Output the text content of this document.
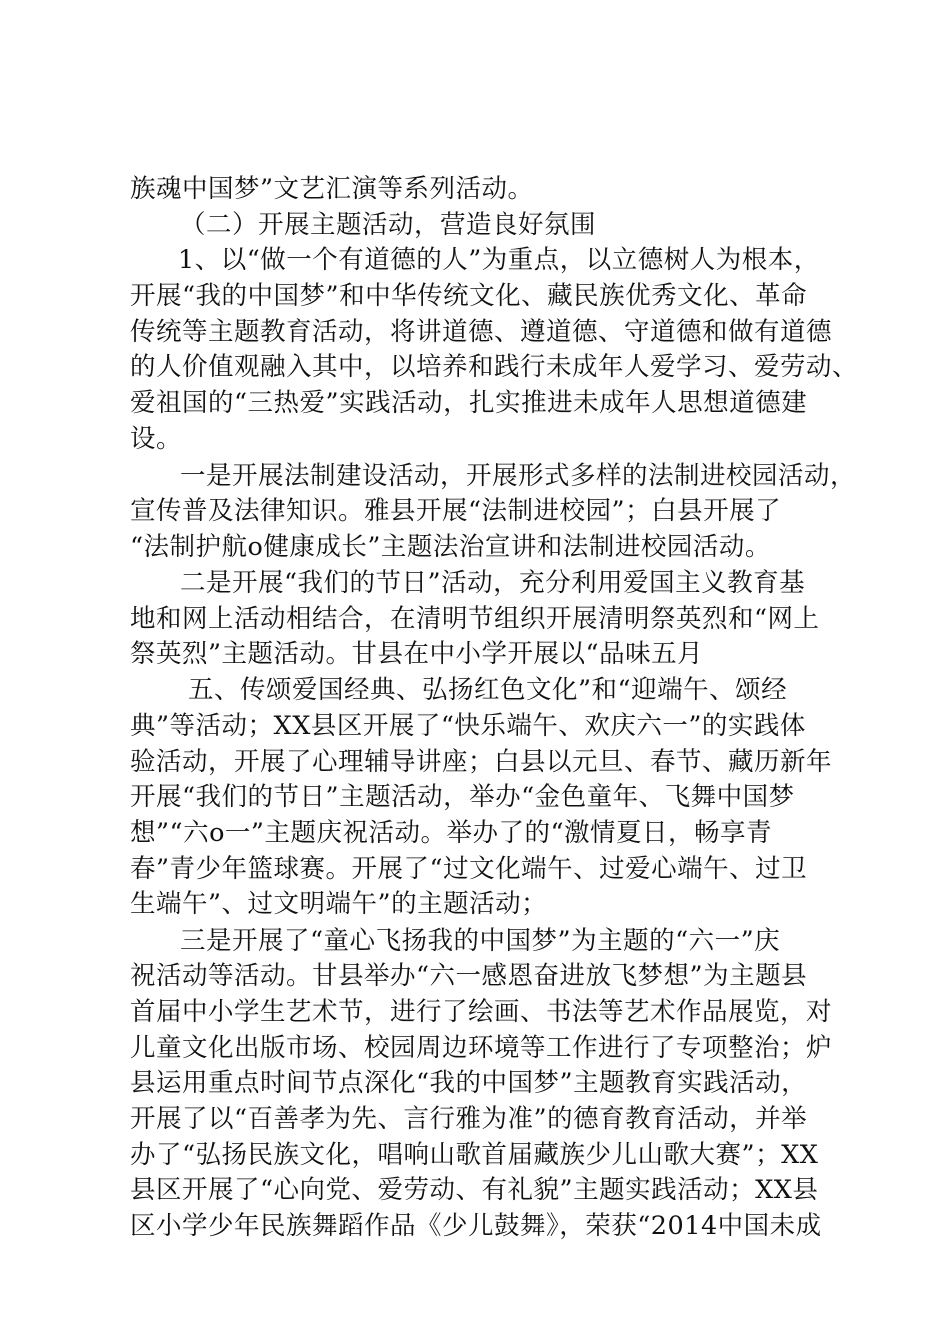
族魂中国梦”文艺汇演等系列活动。
（二）开展主题活动，营造良好氛围
1、以“做一个有道德的人”为重点，以立德树人为根本，
开展“我的中国梦”和中华传统文化、藏民族优秀文化、革命
传统等主题教育活动，将讲道德、遵道德、守道德和做有道德
的人价值观融入其中，以培养和践行未成年人爱学习、爱劳动、
爱祖国的“三热爱”实践活动，扎实推进未成年人思想道德建
设。
一是开展法制建设活动，开展形式多样的法制进校园活动，
宣传普及法律知识。雅县开展“法制进校园”；白县开展了
“法制护航o健康成长”主题法治宣讲和法制进校园活动。
二是开展“我们的节日”活动，充分利用爱国主义教育基
地和网上活动相结合，在清明节组织开展清明祭英烈和“网上
祭英烈”主题活动。甘县在中小学开展以“品味五月
五、传颂爱国经典、弘扬红色文化”和“迎端午、颂经
典”等活动；XX县区开展了“快乐端午、欢庆六一”的实践体
验活动，开展了心理辅导讲座；白县以元旦、春节、藏历新年
开展“我们的节日”主题活动，举办“金色童年、飞舞中国梦
想”“六o一”主题庆祝活动。举办了的“激情夏日，畅享青
春”青少年篮球赛。开展了“过文化端午、过爱心端午、过卫
生端午”、过文明端午”的主题活动；
三是开展了“童心飞扬我的中国梦”为主题的“六一”庆
祝活动等活动。甘县举办“六一感恩奋进放飞梦想”为主题县
首届中小学生艺术节，进行了绘画、书法等艺术作品展览，对
儿童文化出版市场、校园周边环境等工作进行了专项整治；炉
县运用重点时间节点深化“我的中国梦”主题教育实践活动，
开展了以“百善孝为先、言行雅为准”的德育教育活动，并举
办了“弘扬民族文化，唱响山歌首届藏族少儿山歌大赛”；XX
县区开展了“心向党、爱劳动、有礼貌”主题实践活动；XX县
区小学少年民族舞蹈作品《少儿鼓舞》，荣获“2014中国未成
